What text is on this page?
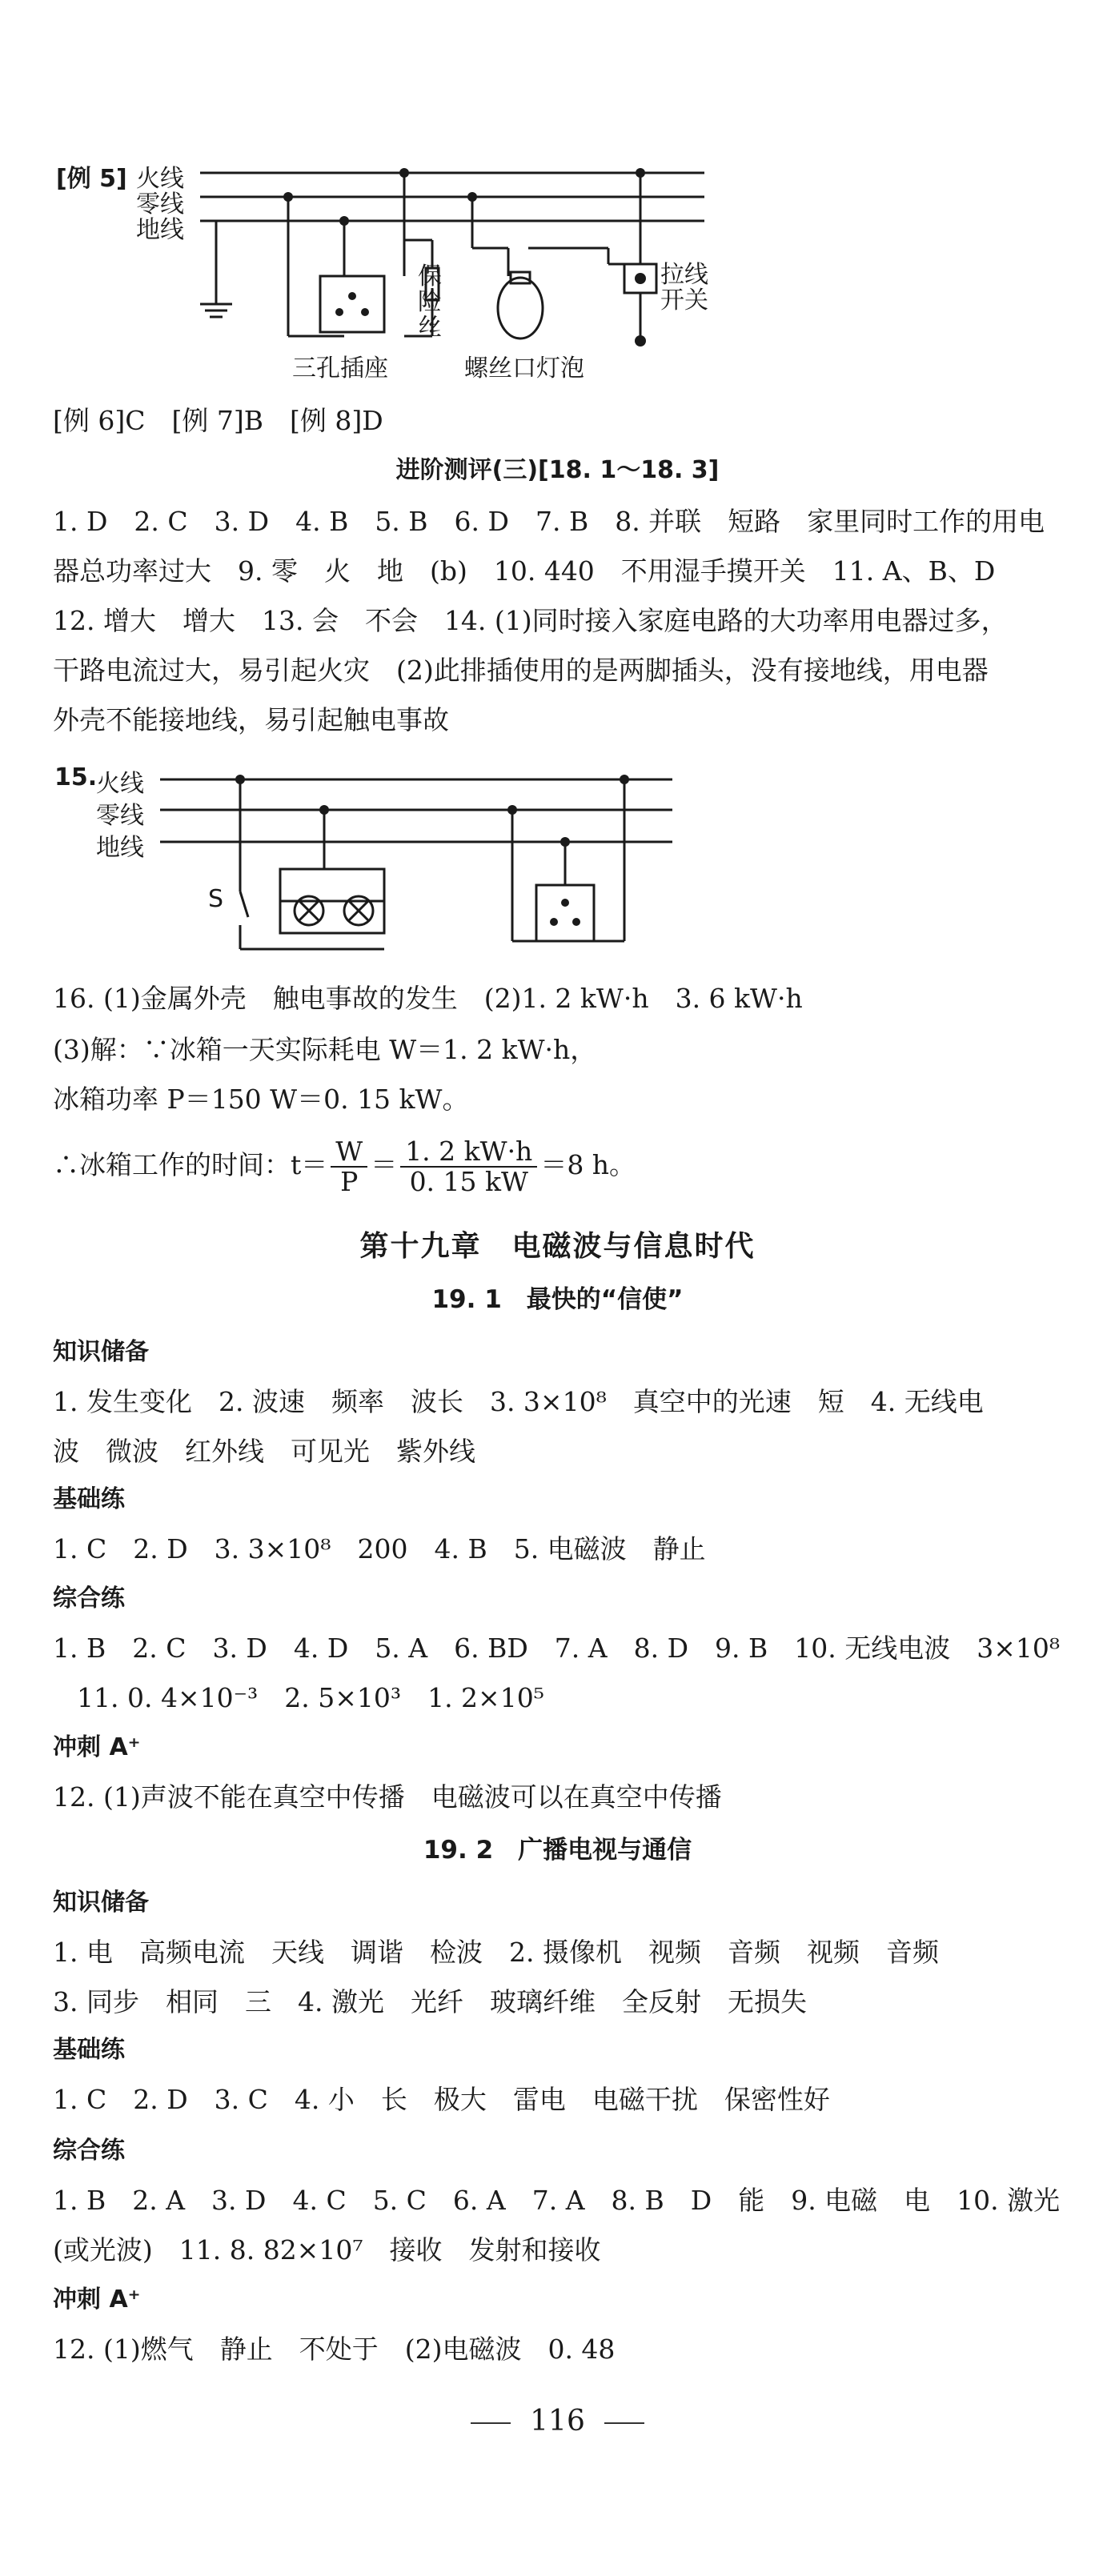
[例 5] 火线
零线
地线
保
险
丝
拉线
开关
三孔插座	螺丝口灯泡
[例 6]C　[例 7]B　[例 8]D
进阶测评(三)[18. 1～18. 3]
1. D　2. C　3. D　4. B　5. B　6. D　7. B　8. 并联　短路　家里同时工作的用电
器总功率过大　9. 零　火　地　(b)　10. 440　不用湿手摸开关　11. A、B、D
12. 增大　增大　13. 会　不会　14. (1)同时接入家庭电路的大功率用电器过多，
干路电流过大，易引起火灾　(2)此排插使用的是两脚插头，没有接地线，用电器
外壳不能接地线，易引起触电事故
15.
火线
零线
地线
S
16. (1)金属外壳　触电事故的发生　(2)1. 2 kW·h　3. 6 kW·h
(3)解：∵冰箱一天实际耗电 W＝1. 2 kW·h，
冰箱功率 P＝150 W＝0. 15 kW。
∴冰箱工作的时间：$t= \frac{W}{P} = \frac{1. 2 kW\cdot h}{0. 15 kW} =8$ h。
第十九章　电磁波与信息时代
19. 1　最快的“信使”
知识储备
1. 发生变化　2. 波速　频率　波长　3. 3×10⁸　真空中的光速　短　4. 无线电
波　微波　红外线　可见光　紫外线
基础练
1. C　2. D　3. 3×10⁸　200　4. B　5. 电磁波　静止
综合练
1. B　2. C　3. D　4. D　5. A　6. BD　7. A　8. D　9. B　10. 无线电波　3×10⁸
11. 0. 4×10⁻³　2. 5×10³　1. 2×10⁵
冲刺 A⁺
12. (1)声波不能在真空中传播　电磁波可以在真空中传播
19. 2　广播电视与通信
知识储备
1. 电　高频电流　天线　调谐　检波　2. 摄像机　视频　音频　视频　音频
3. 同步　相同　三　4. 激光　光纤　玻璃纤维　全反射　无损失
基础练
1. C　2. D　3. C　4. 小　长　极大　雷电　电磁干扰　保密性好
综合练
1. B　2. A　3. D　4. C　5. C　6. A　7. A　8. B　D　能　9. 电磁　电　10. 激光
(或光波)　11. 8. 82×10⁷　接收　发射和接收
冲刺 A⁺
12. (1)燃气　静止　不处于　(2)电磁波　0. 48
116
